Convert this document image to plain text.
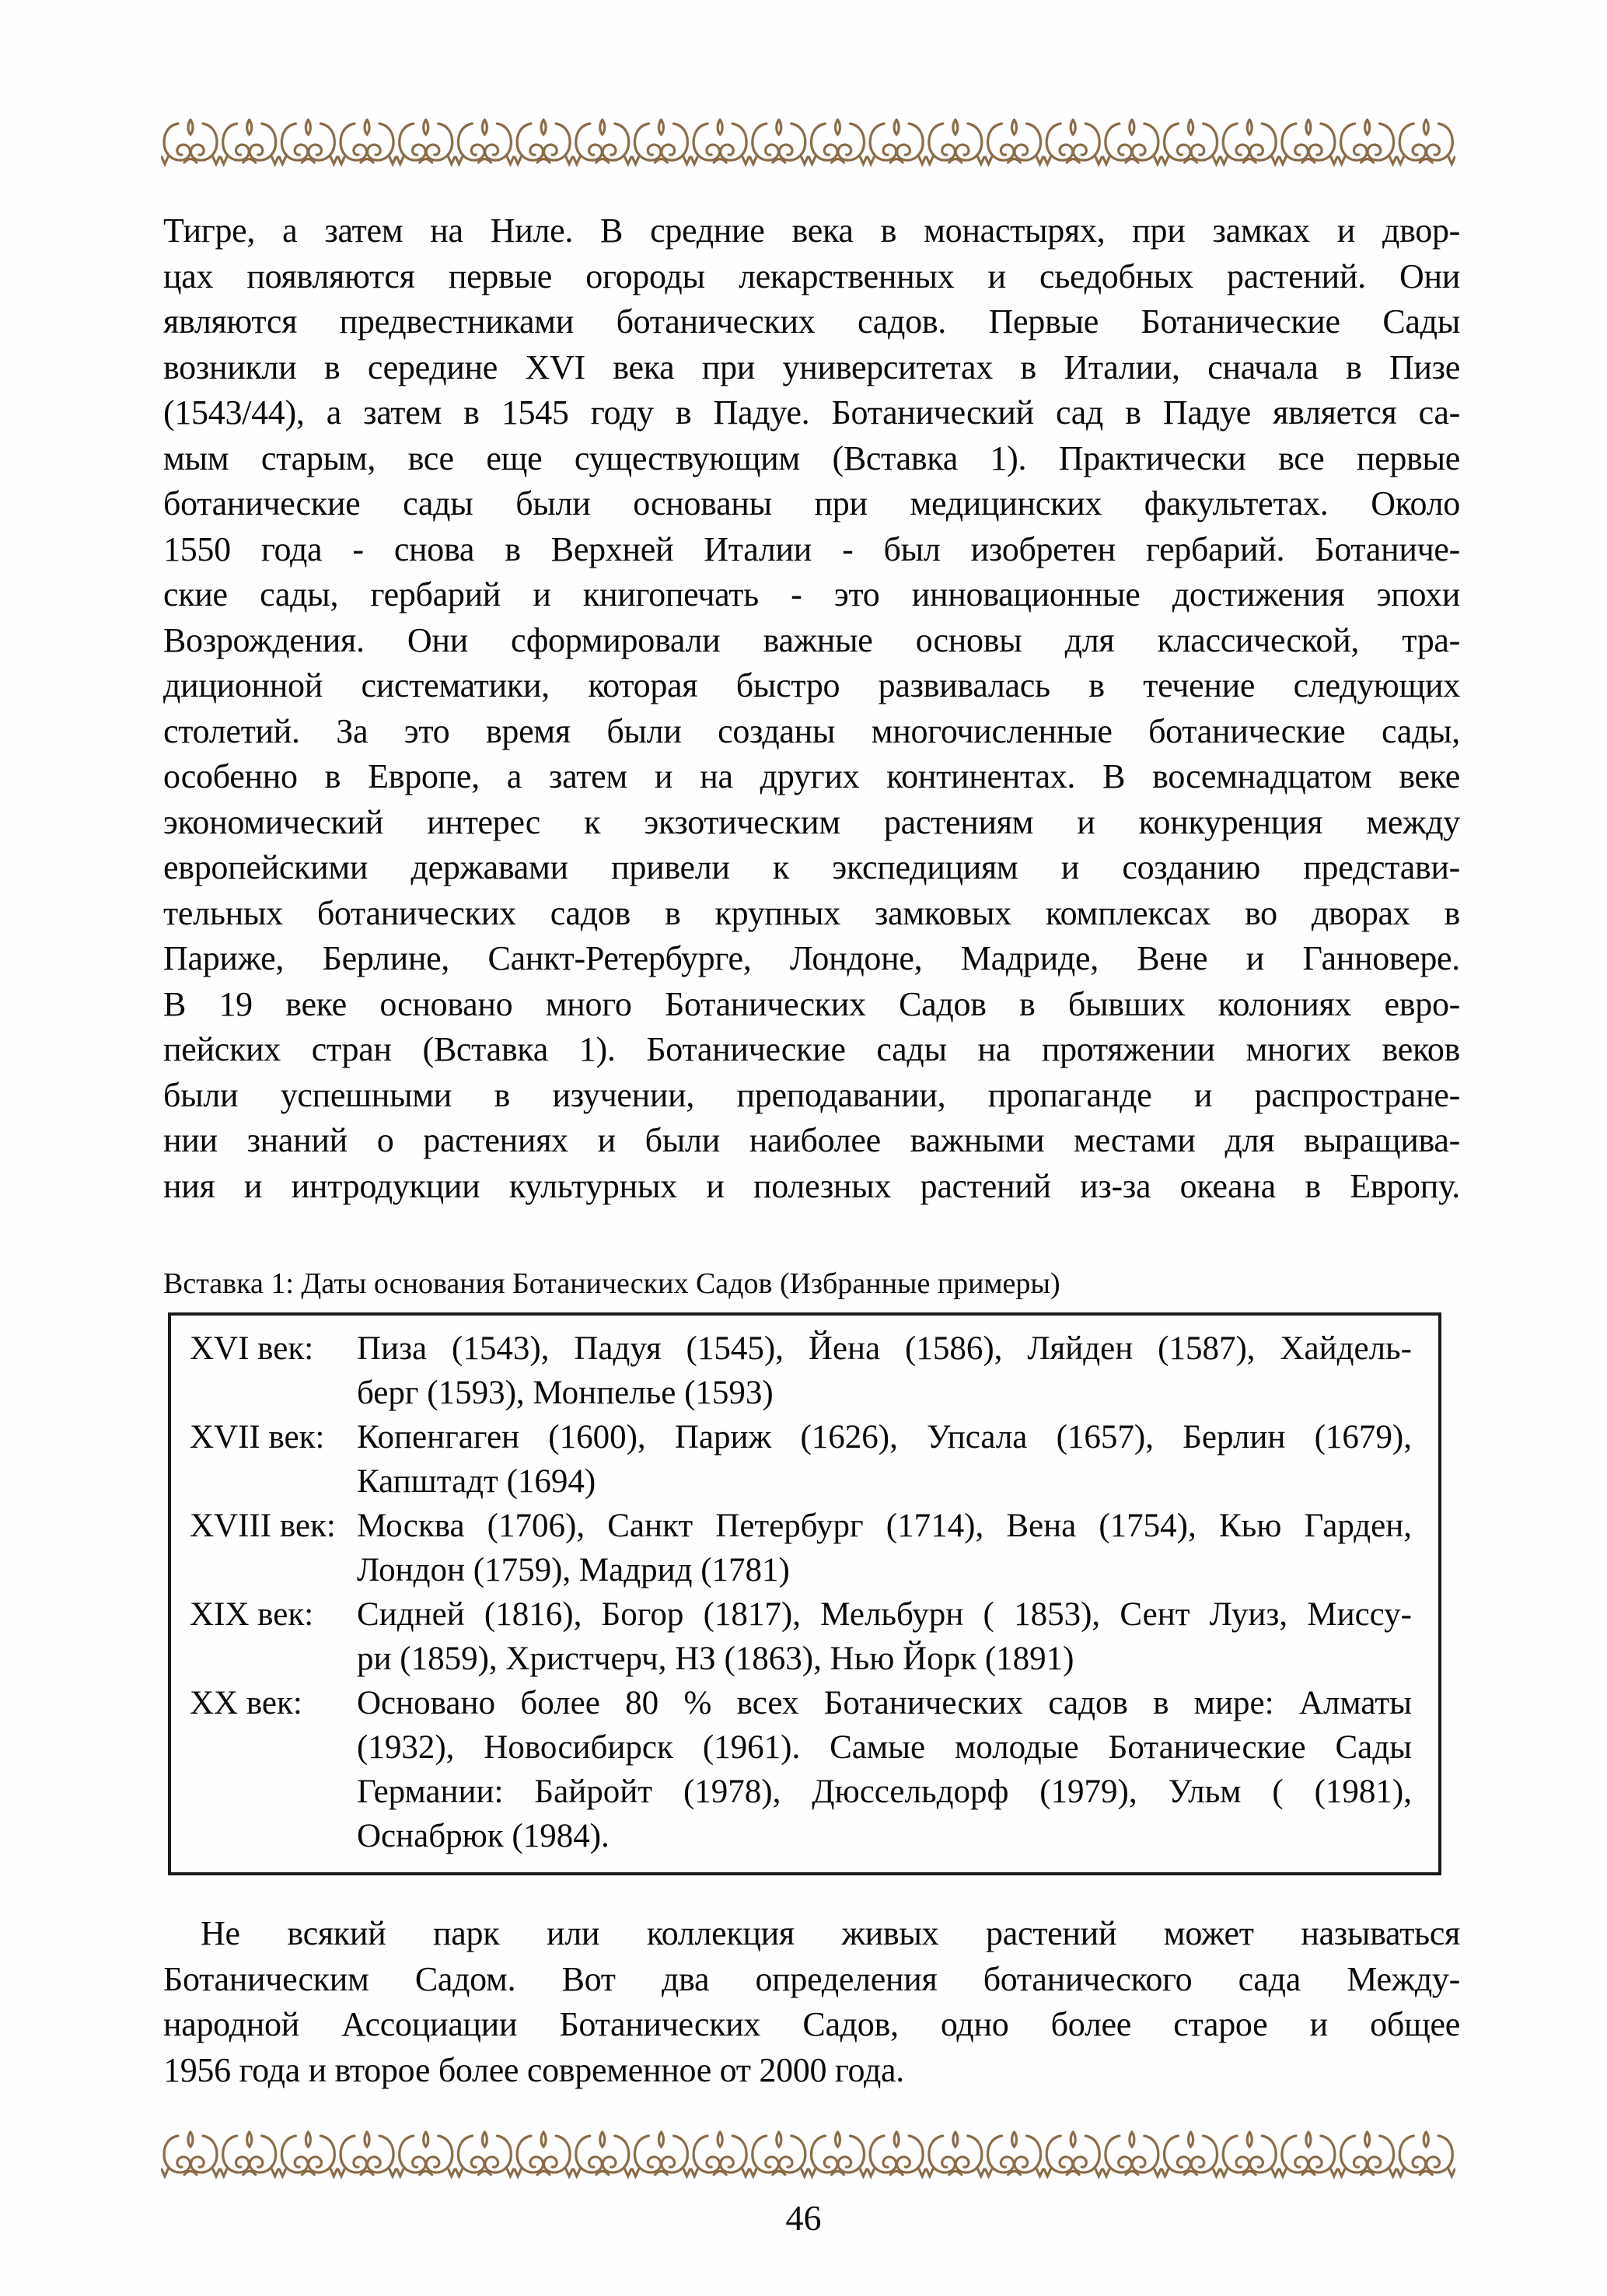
Тигре, а затем на Ниле. В средние века в монастырях, при замках и двор-
цах появляются первые огороды лекарственных и сьедобных растений. Они
являются предвестниками ботанических садов. Первые Ботанические Сады
возникли в середине XVI века при университетах в Италии, сначала в Пизе
(1543/44), а затем в 1545 году в Падуе. Ботанический сад в Падуе является са-
мым старым, все еще существующим (Вставка 1). Практически все первые
ботанические сады были основаны при медицинских факультетах. Около
1550 года - снова в Верхней Италии - был изобретен гербарий. Ботаниче-
ские сады, гербарий и книгопечать - это инновационные достижения эпохи
Возрождения. Они сформировали важные основы для классической, тра-
диционной систематики, которая быстро развивалась в течение следующих
столетий. За это время были созданы многочисленные ботанические сады,
особенно в Европе, а затем и на других континентах. В восемнадцатом веке
экономический интерес к экзотическим растениям и конкуренция между
европейскими державами привели к экспедициям и созданию представи-
тельных ботанических садов в крупных замковых комплексах во дворах в
Париже, Берлине, Санкт-Ретербурге, Лондоне, Мадриде, Вене и Ганновере.
В 19 веке основано много Ботанических Садов в бывших колониях евро-
пейских стран (Вставка 1). Ботанические сады на протяжении многих веков
были успешными в изучении, преподавании, пропаганде и распростране-
нии знаний о растениях и были наиболее важными местами для выращива-
ния и интродукции культурных и полезных растений из-за океана в Европу.
Вставка 1: Даты основания Ботанических Садов (Избранные примеры)
XVI век:	Пиза (1543), Падуя (1545), Йена (1586), Ляйден (1587), Хайдель-
берг (1593), Монпелье (1593)
XVII век: Копенгаген (1600), Париж (1626), Упсала (1657), Берлин (1679),
Капштадт (1694)
XVIII век: Москва (1706), Санкт Петербург (1714), Вена (1754), Кью Гарден,
Лондон (1759), Мадрид (1781)
XIX век:	Сидней (1816), Богор (1817), Мельбурн ( 1853), Сент Луиз, Миссу-
ри (1859), Христчерч, НЗ (1863), Нью Йорк (1891)
XX век:	Основано более 80 % всех Ботанических садов в мире: Алматы
(1932), Новосибирск (1961). Самые молодые Ботанические Сады
Германии: Байройт (1978), Дюссельдорф (1979), Ульм ( (1981),
Оснабрюк (1984).
Не всякий парк или коллекция живых растений может называться
Ботаническим Садом. Вот два определения ботанического сада Между-
народной Ассоциации Ботанических Садов, одно более старое и общее
1956 года и второе более современное от 2000 года.
46
